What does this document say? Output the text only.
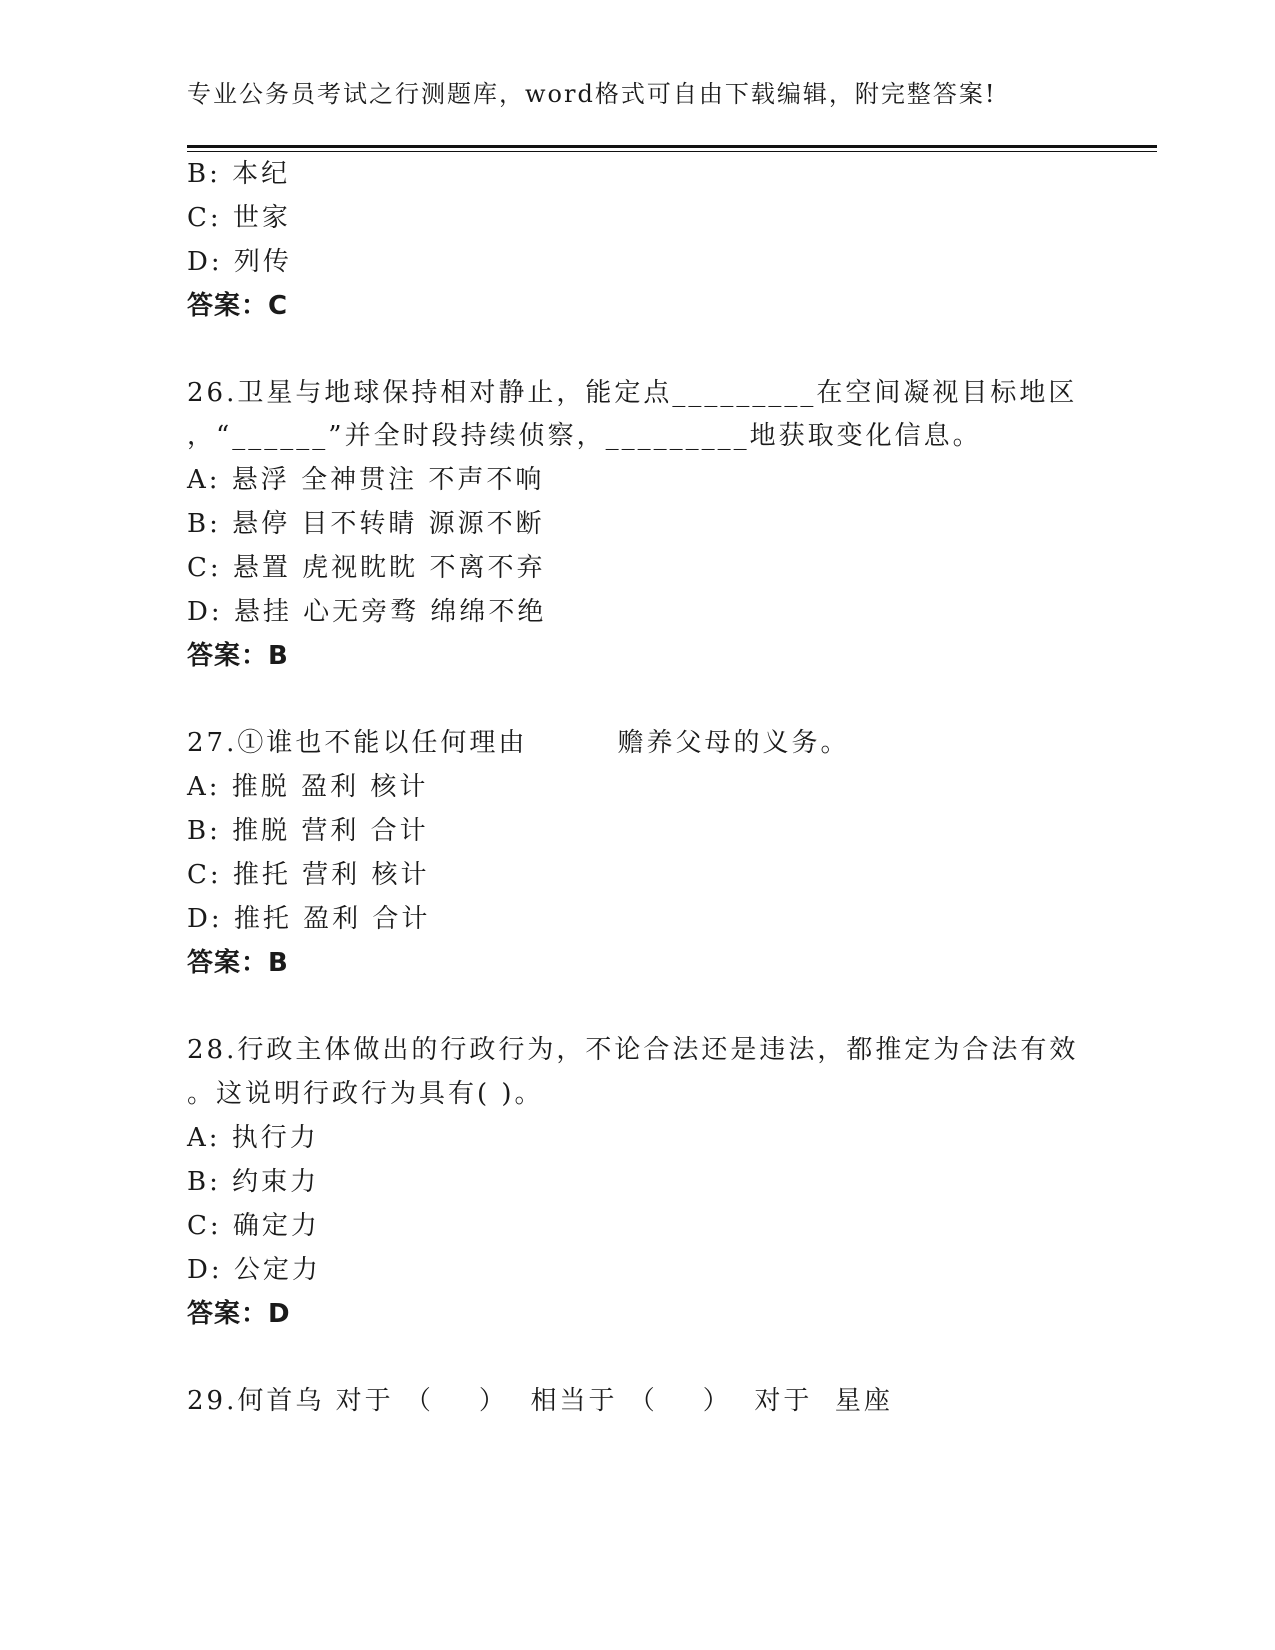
专业公务员考试之行测题库，word格式可自由下载编辑，附完整答案!
B: 本纪
C: 世家
D: 列传
答案：C
26.卫星与地球保持相对静止，能定点_________在空间凝视目标地区
，“______”并全时段持续侦察，_________地获取变化信息。
A: 悬浮 全神贯注 不声不响
B: 悬停 目不转睛 源源不断
C: 悬置 虎视眈眈 不离不弃
D: 悬挂 心无旁骛 绵绵不绝
答案：B
27.①谁也不能以任何理由        赡养父母的义务。
A: 推脱 盈利 核计
B: 推脱 营利 合计
C: 推托 营利 核计
D: 推托 盈利 合计
答案：B
28.行政主体做出的行政行为，不论合法还是违法，都推定为合法有效
。这说明行政行为具有( )。
A: 执行力
B: 约束力
C: 确定力
D: 公定力
答案：D
29.何首乌 对于 （    ）  相当于 （    ）  对于  星座
